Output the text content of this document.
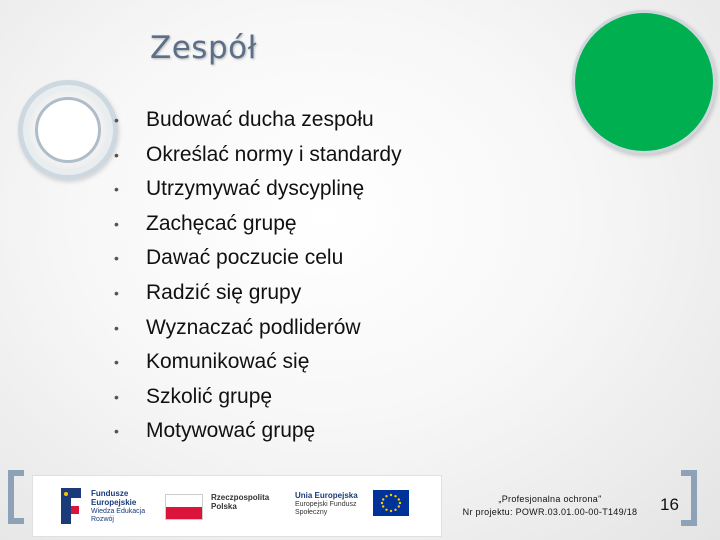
Zespół
• Budować ducha zespołu
• Określać normy i standardy
• Utrzymywać dyscyplinę
• Zachęcać grupę
• Dawać poczucie celu
• Radzić się grupy
• Wyznaczać podliderów
• Komunikować się
• Szkolić grupę
• Motywować grupę
Fundusze Europejskie
Wiedza Edukacja Rozwój
Rzeczpospolita Polska
Unia Europejska
Europejski Fundusz Społeczny
„Profesjonalna ochrona"
Nr projektu: POWR.03.01.00-00-T149/18	16
